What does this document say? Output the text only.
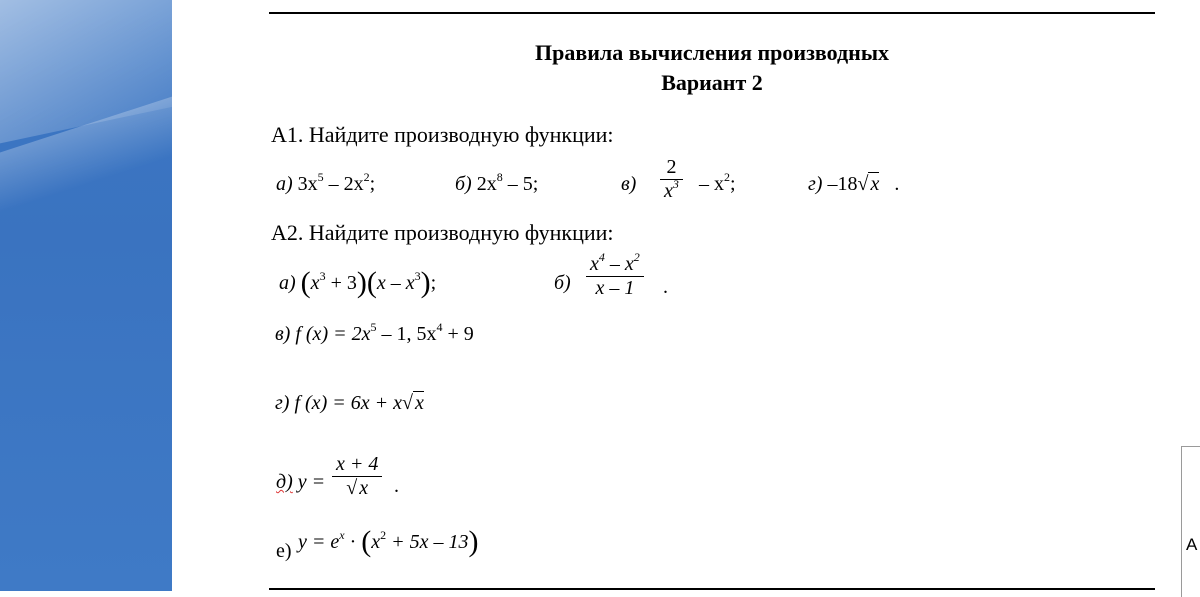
Правила вычисления производных
Вариант 2
А1. Найдите производную функции:
а) $3x^5 - 2x^2$;	б) $2x^8 - 5$;	$в) \frac{2}{x^3} - x^2$;	г) –18√ x .
А2. Найдите производную функции:
а) $(x^3 + 3)(x - x^3)$;	$б) \frac{x^4 - x^2}{x - 1}$ .
в) f $(x) = 2x^5 - 1$, $5x^4 + 9$
г) f (x) = 6x + x√ x
д) $y = \frac{x + 4}{√ x}$ .
е) $y = e^x \cdot (x^2 + 5x - 13)$	А
